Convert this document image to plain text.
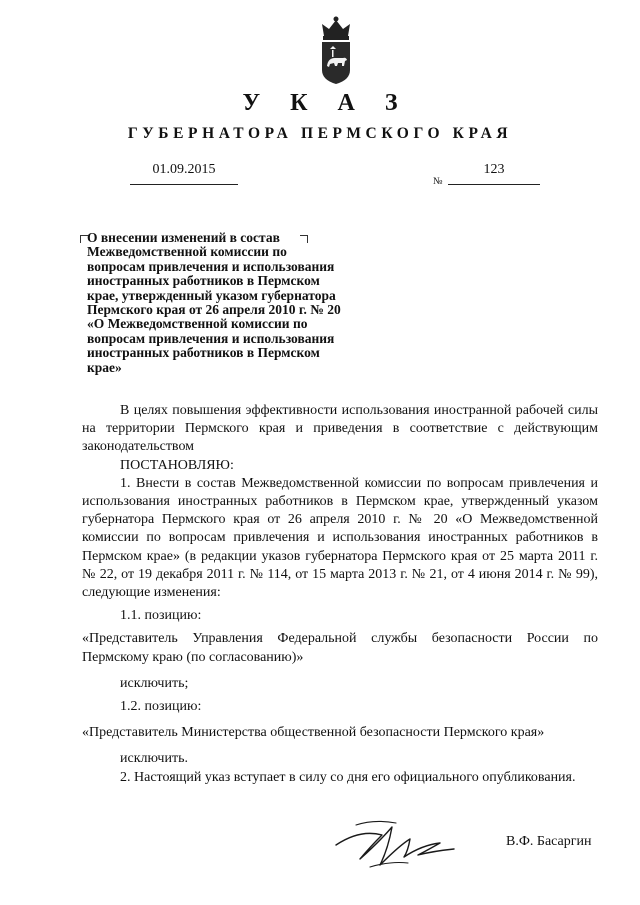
У К А З
ГУБЕРНАТОРА ПЕРМСКОГО КРАЯ
01.09.2015
№
123
О внесении изменений в состав Межведомственной комиссии по вопросам привлечения и использования иностранных работников в Пермском крае, утвержденный указом губернатора Пермского края от 26 апреля 2010 г. № 20 «О Межведомственной комиссии по вопросам привлечения и использования иностранных работников в Пермском крае»

В целях повышения эффективности использования иностранной рабочей силы на территории Пермского края и приведения в соответствие с действующим законодательством

ПОСТАНОВЛЯЮ:

1. Внести в состав Межведомственной комиссии по вопросам привлечения и использования иностранных работников в Пермском крае, утвержденный указом губернатора Пермского края от 26 апреля 2010 г. № 20 «О Межведомственной комиссии по вопросам привлечения и использования иностранных работников в Пермском крае» (в редакции указов губернатора Пермского края от 25 марта 2011 г. № 22, от 19 декабря 2011 г. № 114, от 15 марта 2013 г. № 21, от 4 июня 2014 г. № 99), следующие изменения:

1.1. позицию:

«Представитель Управления Федеральной службы безопасности России по Пермскому краю (по согласованию)»

исключить;

1.2. позицию:

«Представитель Министерства общественной безопасности Пермского края»

исключить.

2. Настоящий указ вступает в силу со дня его официального опубликования.

В.Ф. Басаргин
